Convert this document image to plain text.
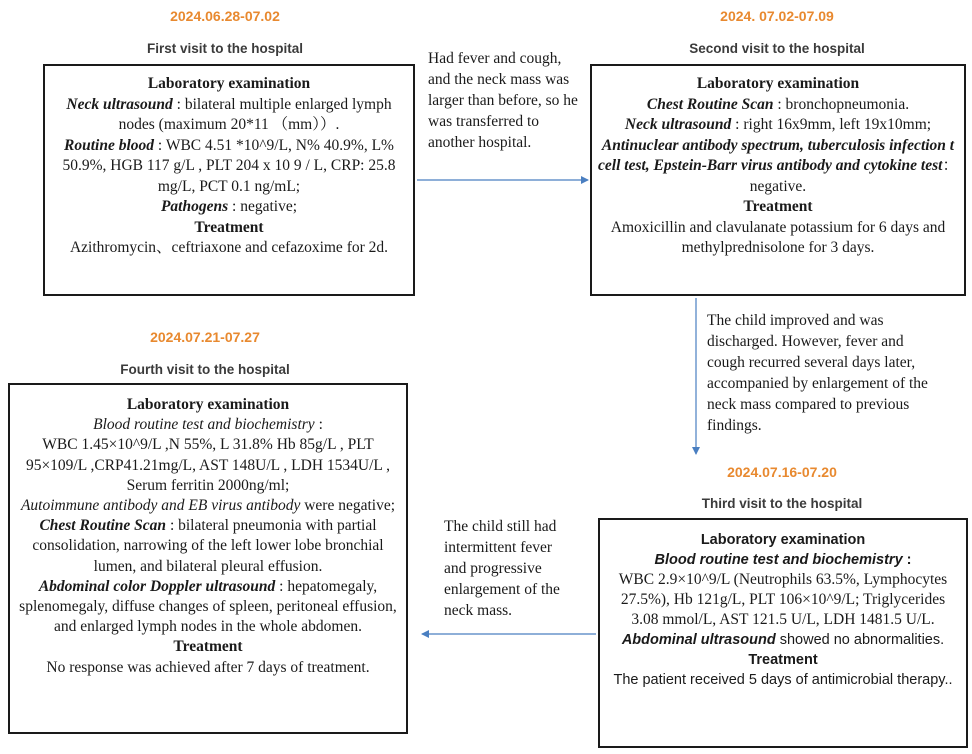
2024.06.28-07.02
First visit to the hospital

Laboratory examination

Neck ultrasound : bilateral multiple enlarged lymph nodes (maximum 20*11 （mm））.

Routine blood : WBC 4.51 *10^9/L, N% 40.9%, L% 50.9%, HGB 117 g/L , PLT 204 x 10 9 / L, CRP: 25.8 mg/L, PCT 0.1 ng/mL;

Pathogens : negative;

Treatment

Azithromycin、ceftriaxone and cefazoxime for 2d.

Had fever and cough, and the neck mass was larger than before, so he was transferred to another hospital.
2024. 07.02-07.09
Second visit to the hospital

Laboratory examination

Chest Routine Scan : bronchopneumonia.

Neck ultrasound : right 16x9mm, left 19x10mm;

Antinuclear antibody spectrum, tuberculosis infection t cell test, Epstein-Barr virus antibody and cytokine test： negative.

Treatment

Amoxicillin and clavulanate potassium for 6 days and methylprednisolone for 3 days.

The child improved and was discharged. However, fever and cough recurred several days later, accompanied by enlargement of the neck mass compared to previous findings.
2024.07.16-07.20
Third visit to the hospital

Laboratory examination

Blood routine test and biochemistry :

WBC 2.9×10^9/L (Neutrophils 63.5%, Lymphocytes 27.5%), Hb 121g/L, PLT 106×10^9/L; Triglycerides 3.08 mmol/L, AST 121.5 U/L, LDH 1481.5 U/L.

Abdominal ultrasound showed no abnormalities.

Treatment

The patient received 5 days of antimicrobial therapy..

The child still had intermittent fever and progressive enlargement of the neck mass.
2024.07.21-07.27
Fourth visit to the hospital

Laboratory examination

Blood routine test and biochemistry :

WBC 1.45×10^9/L ,N 55%, L 31.8% Hb 85g/L , PLT 95×109/L ,CRP41.21mg/L, AST 148U/L , LDH 1534U/L , Serum ferritin 2000ng/ml;

Autoimmune antibody and EB virus antibody were negative;

Chest Routine Scan : bilateral pneumonia with partial consolidation, narrowing of the left lower lobe bronchial lumen, and bilateral pleural effusion.

Abdominal color Doppler ultrasound : hepatomegaly, splenomegaly, diffuse changes of spleen, peritoneal effusion, and enlarged lymph nodes in the whole abdomen.

Treatment

No response was achieved after 7 days of treatment.
